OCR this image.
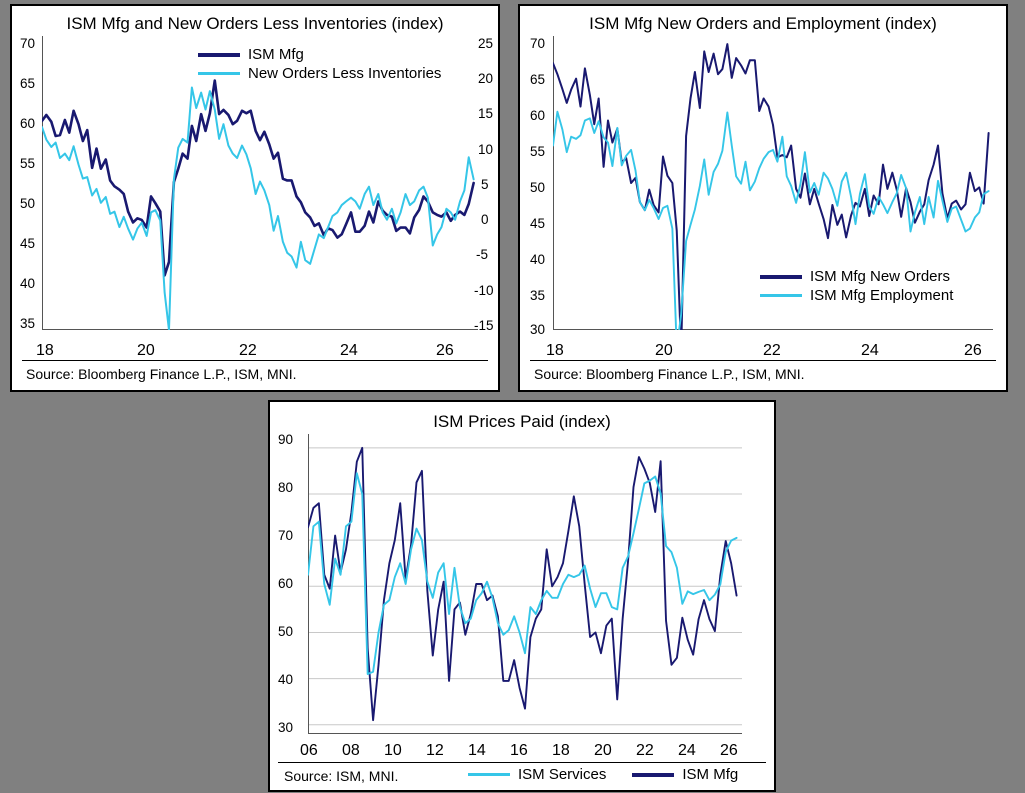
ISM Mfg and New Orders Less Inventories (index)
ISM Mfg
New Orders Less Inventories
70
65
60
55
50
45
40
35
25
20
15
10
5
0
-5
-10
-15
18	20	22	24	26
Source: Bloomberg Finance L.P., ISM, MNI.
ISM Mfg New Orders and Employment (index)
70
65
60
55
50
45
40
35
30
18	20	22	24	26
ISM Mfg New Orders
ISM Mfg Employment
Source: Bloomberg Finance L.P., ISM, MNI.
ISM Prices Paid (index)
90
80
70
60
50
40
30
06 08 10 12 14 16 18 20 22 24 26
Source: ISM, MNI.	ISM Services	ISM Mfg
